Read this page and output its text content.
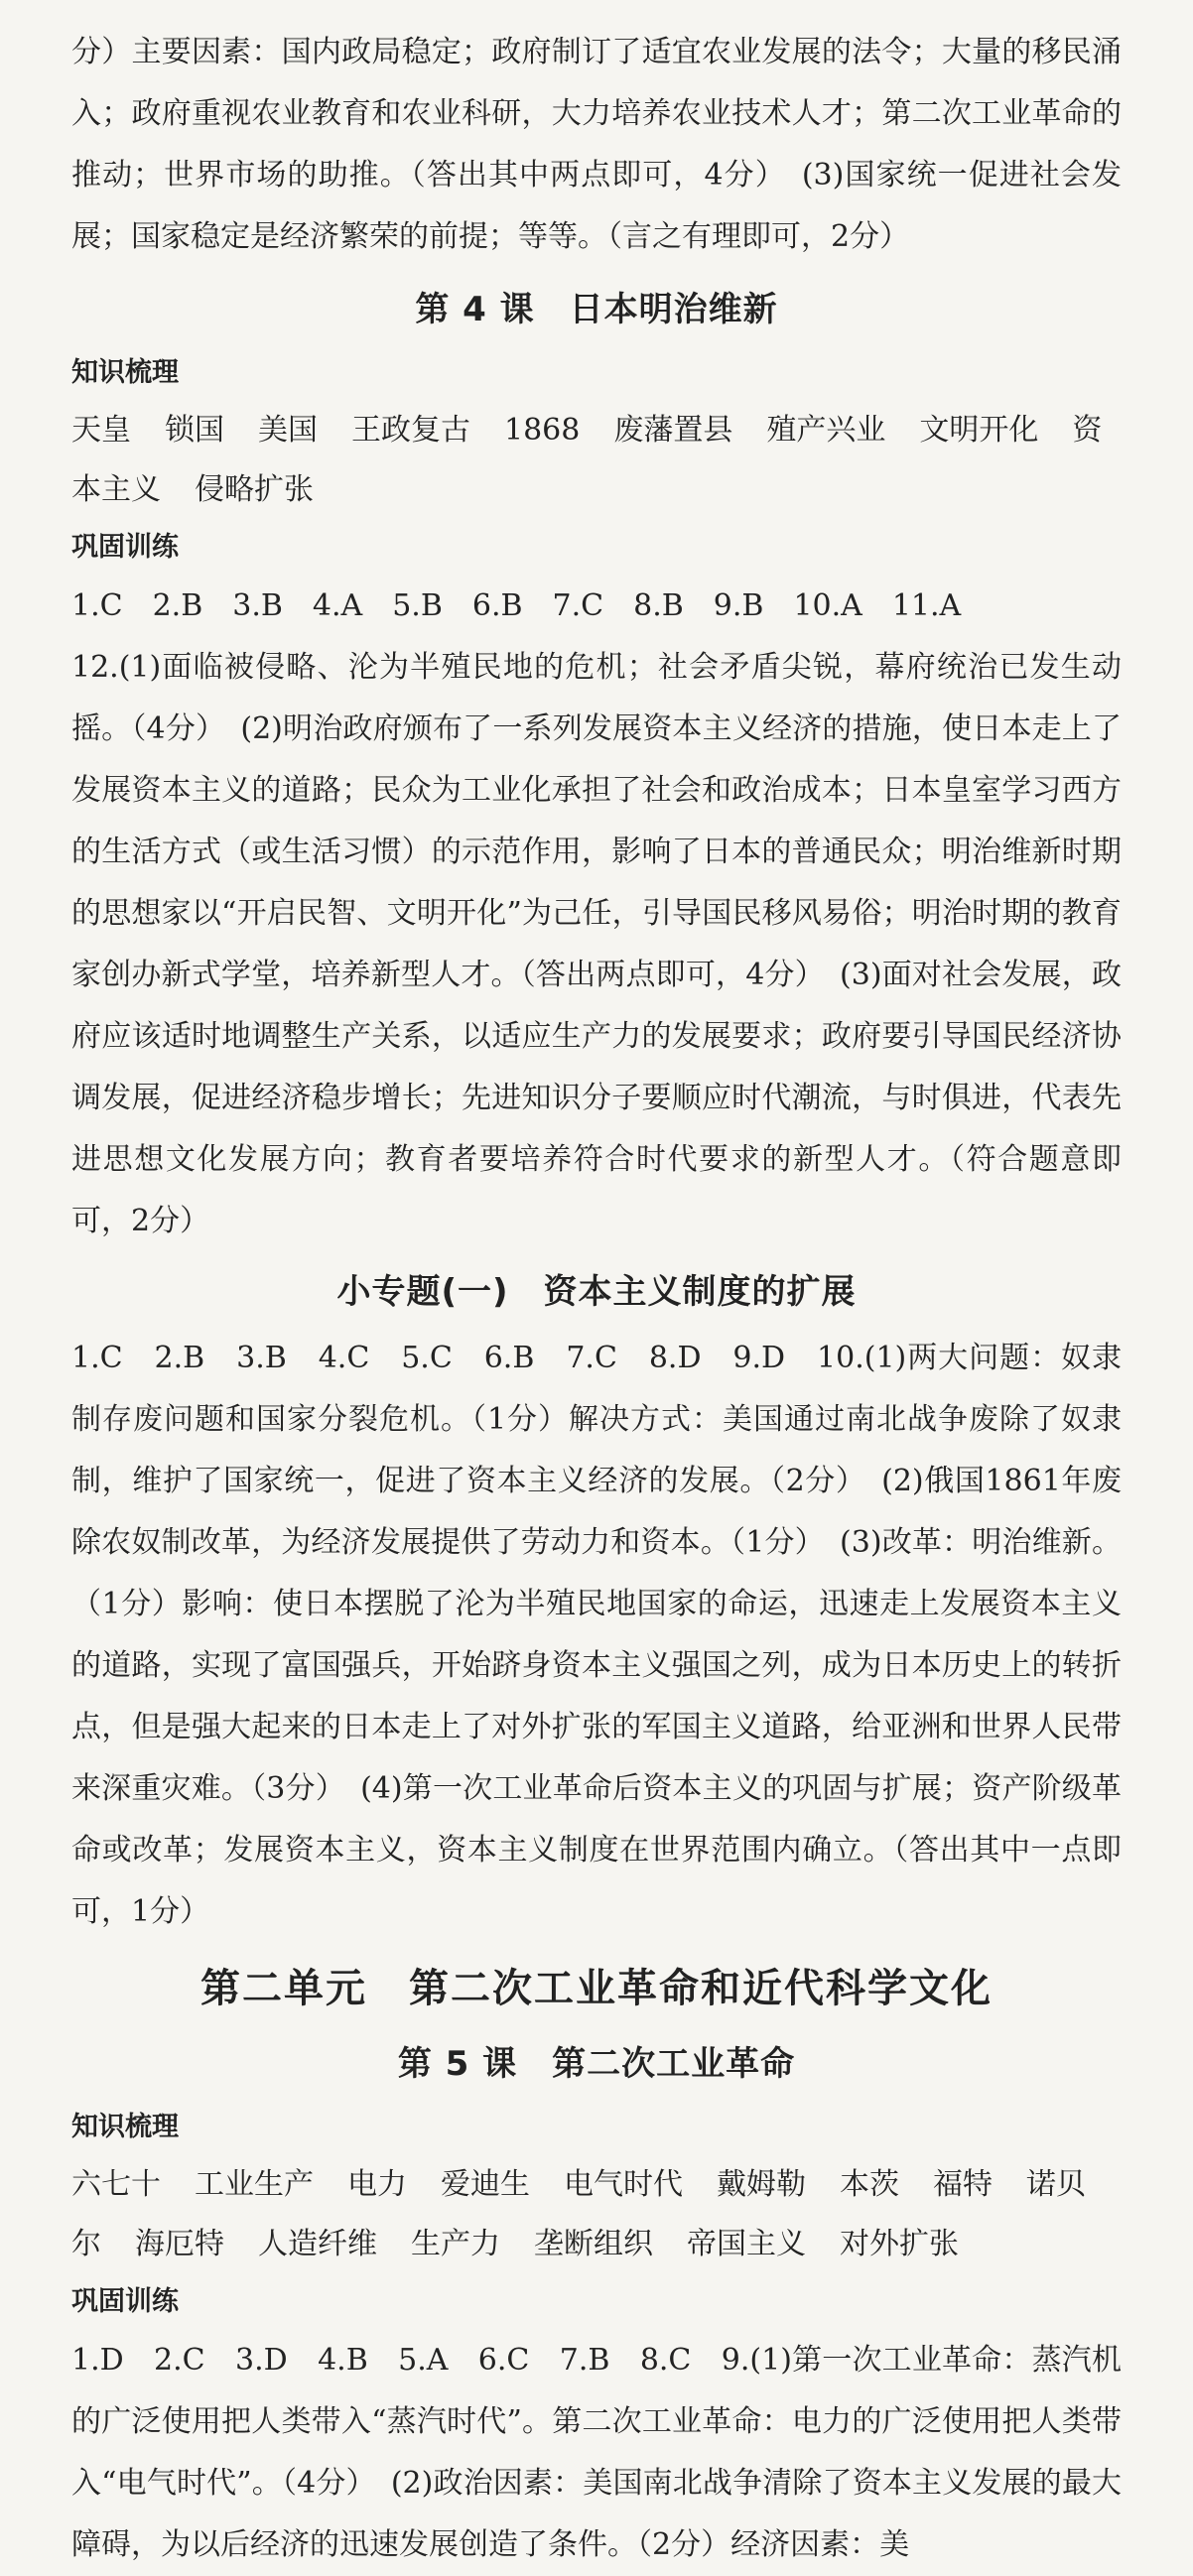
分）主要因素：国内政局稳定；政府制订了适宜农业发展的法令；大量的移民涌入；政府重视农业教育和农业科研，大力培养农业技术人才；第二次工业革命的推动；世界市场的助推。（答出其中两点即可，4分）　(3)国家统一促进社会发展；国家稳定是经济繁荣的前提；等等。（言之有理即可，2分）

第 4 课　日本明治维新
知识梳理
天皇 锁国 美国 王政复古 1868 废藩置县 殖产兴业 文明开化 资
本主义 侵略扩张
巩固训练

1.C　2.B　3.B　4.A　5.B　6.B　7.C　8.B　9.B　10.A　11.A

12.(1)面临被侵略、沦为半殖民地的危机；社会矛盾尖锐，幕府统治已发生动摇。（4分）　(2)明治政府颁布了一系列发展资本主义经济的措施，使日本走上了发展资本主义的道路；民众为工业化承担了社会和政治成本；日本皇室学习西方的生活方式（或生活习惯）的示范作用，影响了日本的普通民众；明治维新时期的思想家以“开启民智、文明开化”为己任，引导国民移风易俗；明治时期的教育家创办新式学堂，培养新型人才。（答出两点即可，4分）　(3)面对社会发展，政府应该适时地调整生产关系，以适应生产力的发展要求；政府要引导国民经济协调发展，促进经济稳步增长；先进知识分子要顺应时代潮流，与时俱进，代表先进思想文化发展方向；教育者要培养符合时代要求的新型人才。（符合题意即可，2分）

小专题(一)　资本主义制度的扩展

1.C　2.B　3.B　4.C　5.C　6.B　7.C　8.D　9.D　10.(1)两大问题：奴隶制存废问题和国家分裂危机。（1分）解决方式：美国通过南北战争废除了奴隶制，维护了国家统一，促进了资本主义经济的发展。（2分）　(2)俄国1861年废除农奴制改革，为经济发展提供了劳动力和资本。（1分）　(3)改革：明治维新。（1分）影响：使日本摆脱了沦为半殖民地国家的命运，迅速走上发展资本主义的道路，实现了富国强兵，开始跻身资本主义强国之列，成为日本历史上的转折点，但是强大起来的日本走上了对外扩张的军国主义道路，给亚洲和世界人民带来深重灾难。（3分）　(4)第一次工业革命后资本主义的巩固与扩展；资产阶级革命或改革；发展资本主义，资本主义制度在世界范围内确立。（答出其中一点即可，1分）

第二单元　第二次工业革命和近代科学文化
第 5 课　第二次工业革命
知识梳理
六七十 工业生产 电力 爱迪生 电气时代 戴姆勒 本茨 福特 诺贝
尔 海厄特 人造纤维 生产力 垄断组织 帝国主义 对外扩张
巩固训练

1.D　2.C　3.D　4.B　5.A　6.C　7.B　8.C　9.(1)第一次工业革命：蒸汽机的广泛使用把人类带入“蒸汽时代”。第二次工业革命：电力的广泛使用把人类带入“电气时代”。（4分）　(2)政治因素：美国南北战争清除了资本主义发展的最大障碍，为以后经济的迅速发展创造了条件。（2分）经济因素：美
